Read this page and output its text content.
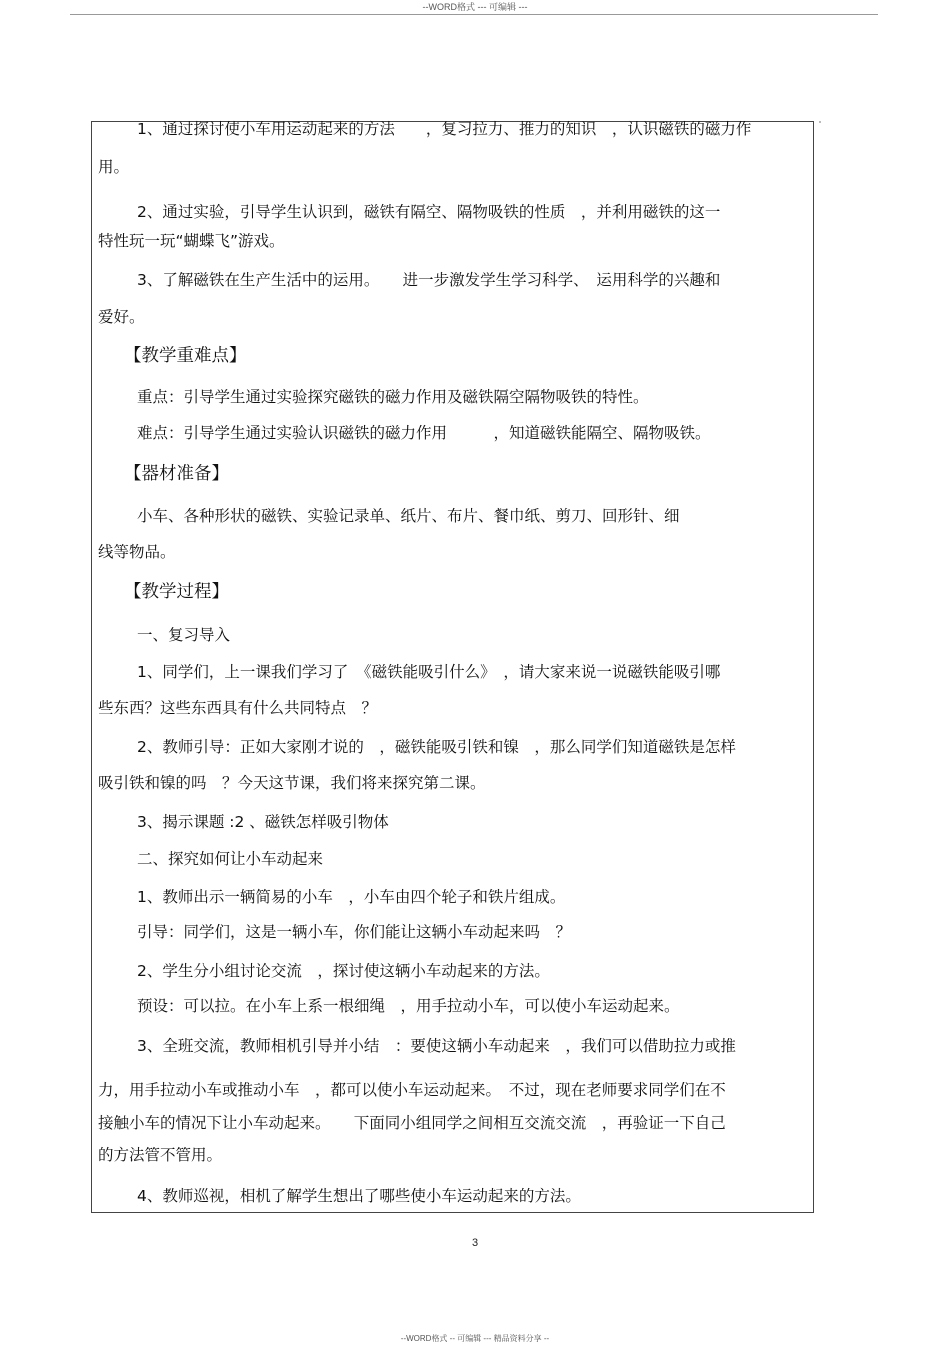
--WORD格式 --- 可编辑 ---
1、通过探讨使小车用运动起来的方法　　，复习拉力、推力的知识　，认识磁铁的磁力作
用。
2、通过实验，引导学生认识到，磁铁有隔空、隔物吸铁的性质　，并利用磁铁的这一
特性玩一玩“蝴蝶飞”游戏。
3、了解磁铁在生产生活中的运用。　　进一步激发学生学习科学、　运用科学的兴趣和
爱好。
【教学重难点】
重点：引导学生通过实验探究磁铁的磁力作用及磁铁隔空隔物吸铁的特性。
难点：引导学生通过实验认识磁铁的磁力作用　　　，知道磁铁能隔空、隔物吸铁。
【器材准备】
小车、各种形状的磁铁、实验记录单、纸片、布片、餐巾纸、剪刀、回形针、细
线等物品。
【教学过程】
一、复习导入
1、同学们，上一课我们学习了　《磁铁能吸引什么》　，请大家来说一说磁铁能吸引哪
些东西？这些东西具有什么共同特点　？
2、教师引导：正如大家刚才说的　，磁铁能吸引铁和镍　，那么同学们知道磁铁是怎样
吸引铁和镍的吗　？今天这节课，我们将来探究第二课。
3、揭示课题 :2 、磁铁怎样吸引物体
二、探究如何让小车动起来
1、教师出示一辆简易的小车　，小车由四个轮子和铁片组成。
引导：同学们，这是一辆小车，你们能让这辆小车动起来吗　？
2、学生分小组讨论交流　，探讨使这辆小车动起来的方法。
预设：可以拉。在小车上系一根细绳　，用手拉动小车，可以使小车运动起来。
3、全班交流，教师相机引导并小结　：要使这辆小车动起来　，我们可以借助拉力或推
力，用手拉动小车或推动小车　，都可以使小车运动起来。　不过，现在老师要求同学们在不
接触小车的情况下让小车动起来。　　下面同小组同学之间相互交流交流　，再验证一下自己
的方法管不管用。
4、教师巡视，相机了解学生想出了哪些使小车运动起来的方法。
3
--WORD格式 -- 可编辑 --- 精品资料分享 --
